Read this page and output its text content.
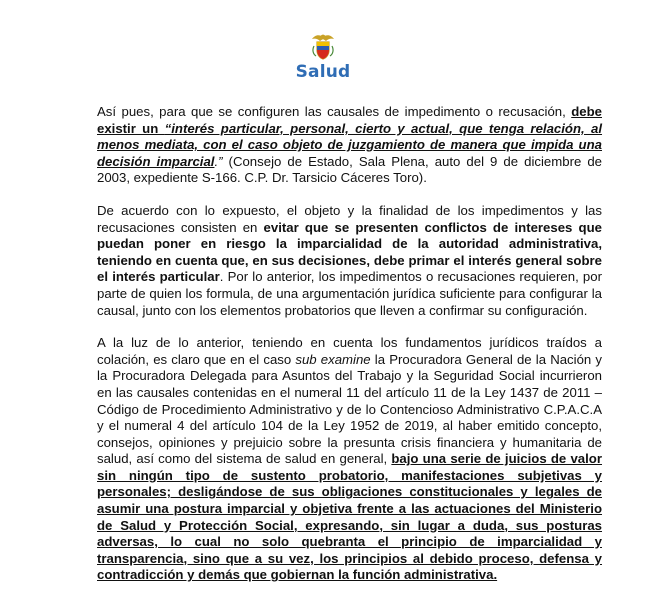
Salud

Así pues, para que se configuren las causales de impedimento o recusación, debe existir un “interés particular, personal, cierto y actual, que tenga relación, al menos mediata, con el caso objeto de juzgamiento de manera que impida una decisión imparcial.” (Consejo de Estado, Sala Plena, auto del 9 de diciembre de 2003, expediente S-166. C.P. Dr. Tarsicio Cáceres Toro).

De acuerdo con lo expuesto, el objeto y la finalidad de los impedimentos y las recusaciones consisten en evitar que se presenten conflictos de intereses que puedan poner en riesgo la imparcialidad de la autoridad administrativa, teniendo en cuenta que, en sus decisiones, debe primar el interés general sobre el interés particular. Por lo anterior, los impedimentos o recusaciones requieren, por parte de quien los formula, de una argumentación jurídica suficiente para configurar la causal, junto con los elementos probatorios que lleven a confirmar su configuración.

A la luz de lo anterior, teniendo en cuenta los fundamentos jurídicos traídos a colación, es claro que en el caso sub examine la Procuradora General de la Nación y la Procuradora Delegada para Asuntos del Trabajo y la Seguridad Social incurrieron en las causales contenidas en el numeral 11 del artículo 11 de la Ley 1437 de 2011 – Código de Procedimiento Administrativo y de lo Contencioso Administrativo C.P.A.C.A y el numeral 4 del artículo 104 de la Ley 1952 de 2019, al haber emitido concepto, consejos, opiniones y prejuicio sobre la presunta crisis financiera y humanitaria de salud, así como del sistema de salud en general, bajo una serie de juicios de valor sin ningún tipo de sustento probatorio, manifestaciones subjetivas y personales; desligándose de sus obligaciones constitucionales y legales de asumir una postura imparcial y objetiva frente a las actuaciones del Ministerio de Salud y Protección Social, expresando, sin lugar a duda, sus posturas adversas, lo cual no solo quebranta el principio de imparcialidad y transparencia, sino que a su vez, los principios al debido proceso, defensa y contradicción y demás que gobiernan la función administrativa.
